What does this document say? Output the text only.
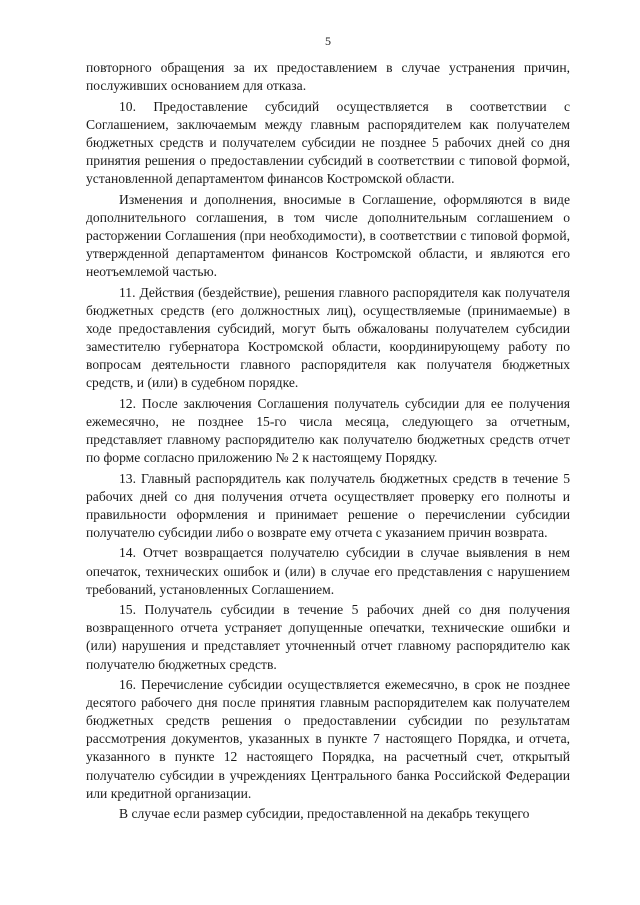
5

повторного обращения за их предоставлением в случае устранения причин, послуживших основанием для отказа.

10. Предоставление субсидий осуществляется в соответствии с Соглашением, заключаемым между главным распорядителем как получателем бюджетных средств и получателем субсидии не позднее 5 рабочих дней со дня принятия решения о предоставлении субсидий в соответствии с типовой формой, установленной департаментом финансов Костромской области.

Изменения и дополнения, вносимые в Соглашение, оформляются в виде дополнительного соглашения, в том числе дополнительным соглашением о расторжении Соглашения (при необходимости), в соответствии с типовой формой, утвержденной департаментом финансов Костромской области, и являются его неотъемлемой частью.

11. Действия (бездействие), решения главного распорядителя как получателя бюджетных средств (его должностных лиц), осуществляемые (принимаемые) в ходе предоставления субсидий, могут быть обжалованы получателем субсидии заместителю губернатора Костромской области, координирующему работу по вопросам деятельности главного распорядителя как получателя бюджетных средств, и (или) в судебном порядке.

12. После заключения Соглашения получатель субсидии для ее получения ежемесячно, не позднее 15-го числа месяца, следующего за отчетным, представляет главному распорядителю как получателю бюджетных средств отчет по форме согласно приложению № 2 к настоящему Порядку.

13. Главный распорядитель как получатель бюджетных средств в течение 5 рабочих дней со дня получения отчета осуществляет проверку его полноты и правильности оформления и принимает решение о перечислении субсидии получателю субсидии либо о возврате ему отчета с указанием причин возврата.

14. Отчет возвращается получателю субсидии в случае выявления в нем опечаток, технических ошибок и (или) в случае его представления с нарушением требований, установленных Соглашением.

15. Получатель субсидии в течение 5 рабочих дней со дня получения возвращенного отчета устраняет допущенные опечатки, технические ошибки и (или) нарушения и представляет уточненный отчет главному распорядителю как получателю бюджетных средств.

16. Перечисление субсидии осуществляется ежемесячно, в срок не позднее десятого рабочего дня после принятия главным распорядителем как получателем бюджетных средств решения о предоставлении субсидии по результатам рассмотрения документов, указанных в пункте 7 настоящего Порядка, и отчета, указанного в пункте 12 настоящего Порядка, на расчетный счет, открытый получателю субсидии в учреждениях Центрального банка Российской Федерации или кредитной организации.

В случае если размер субсидии, предоставленной на декабрь текущего
